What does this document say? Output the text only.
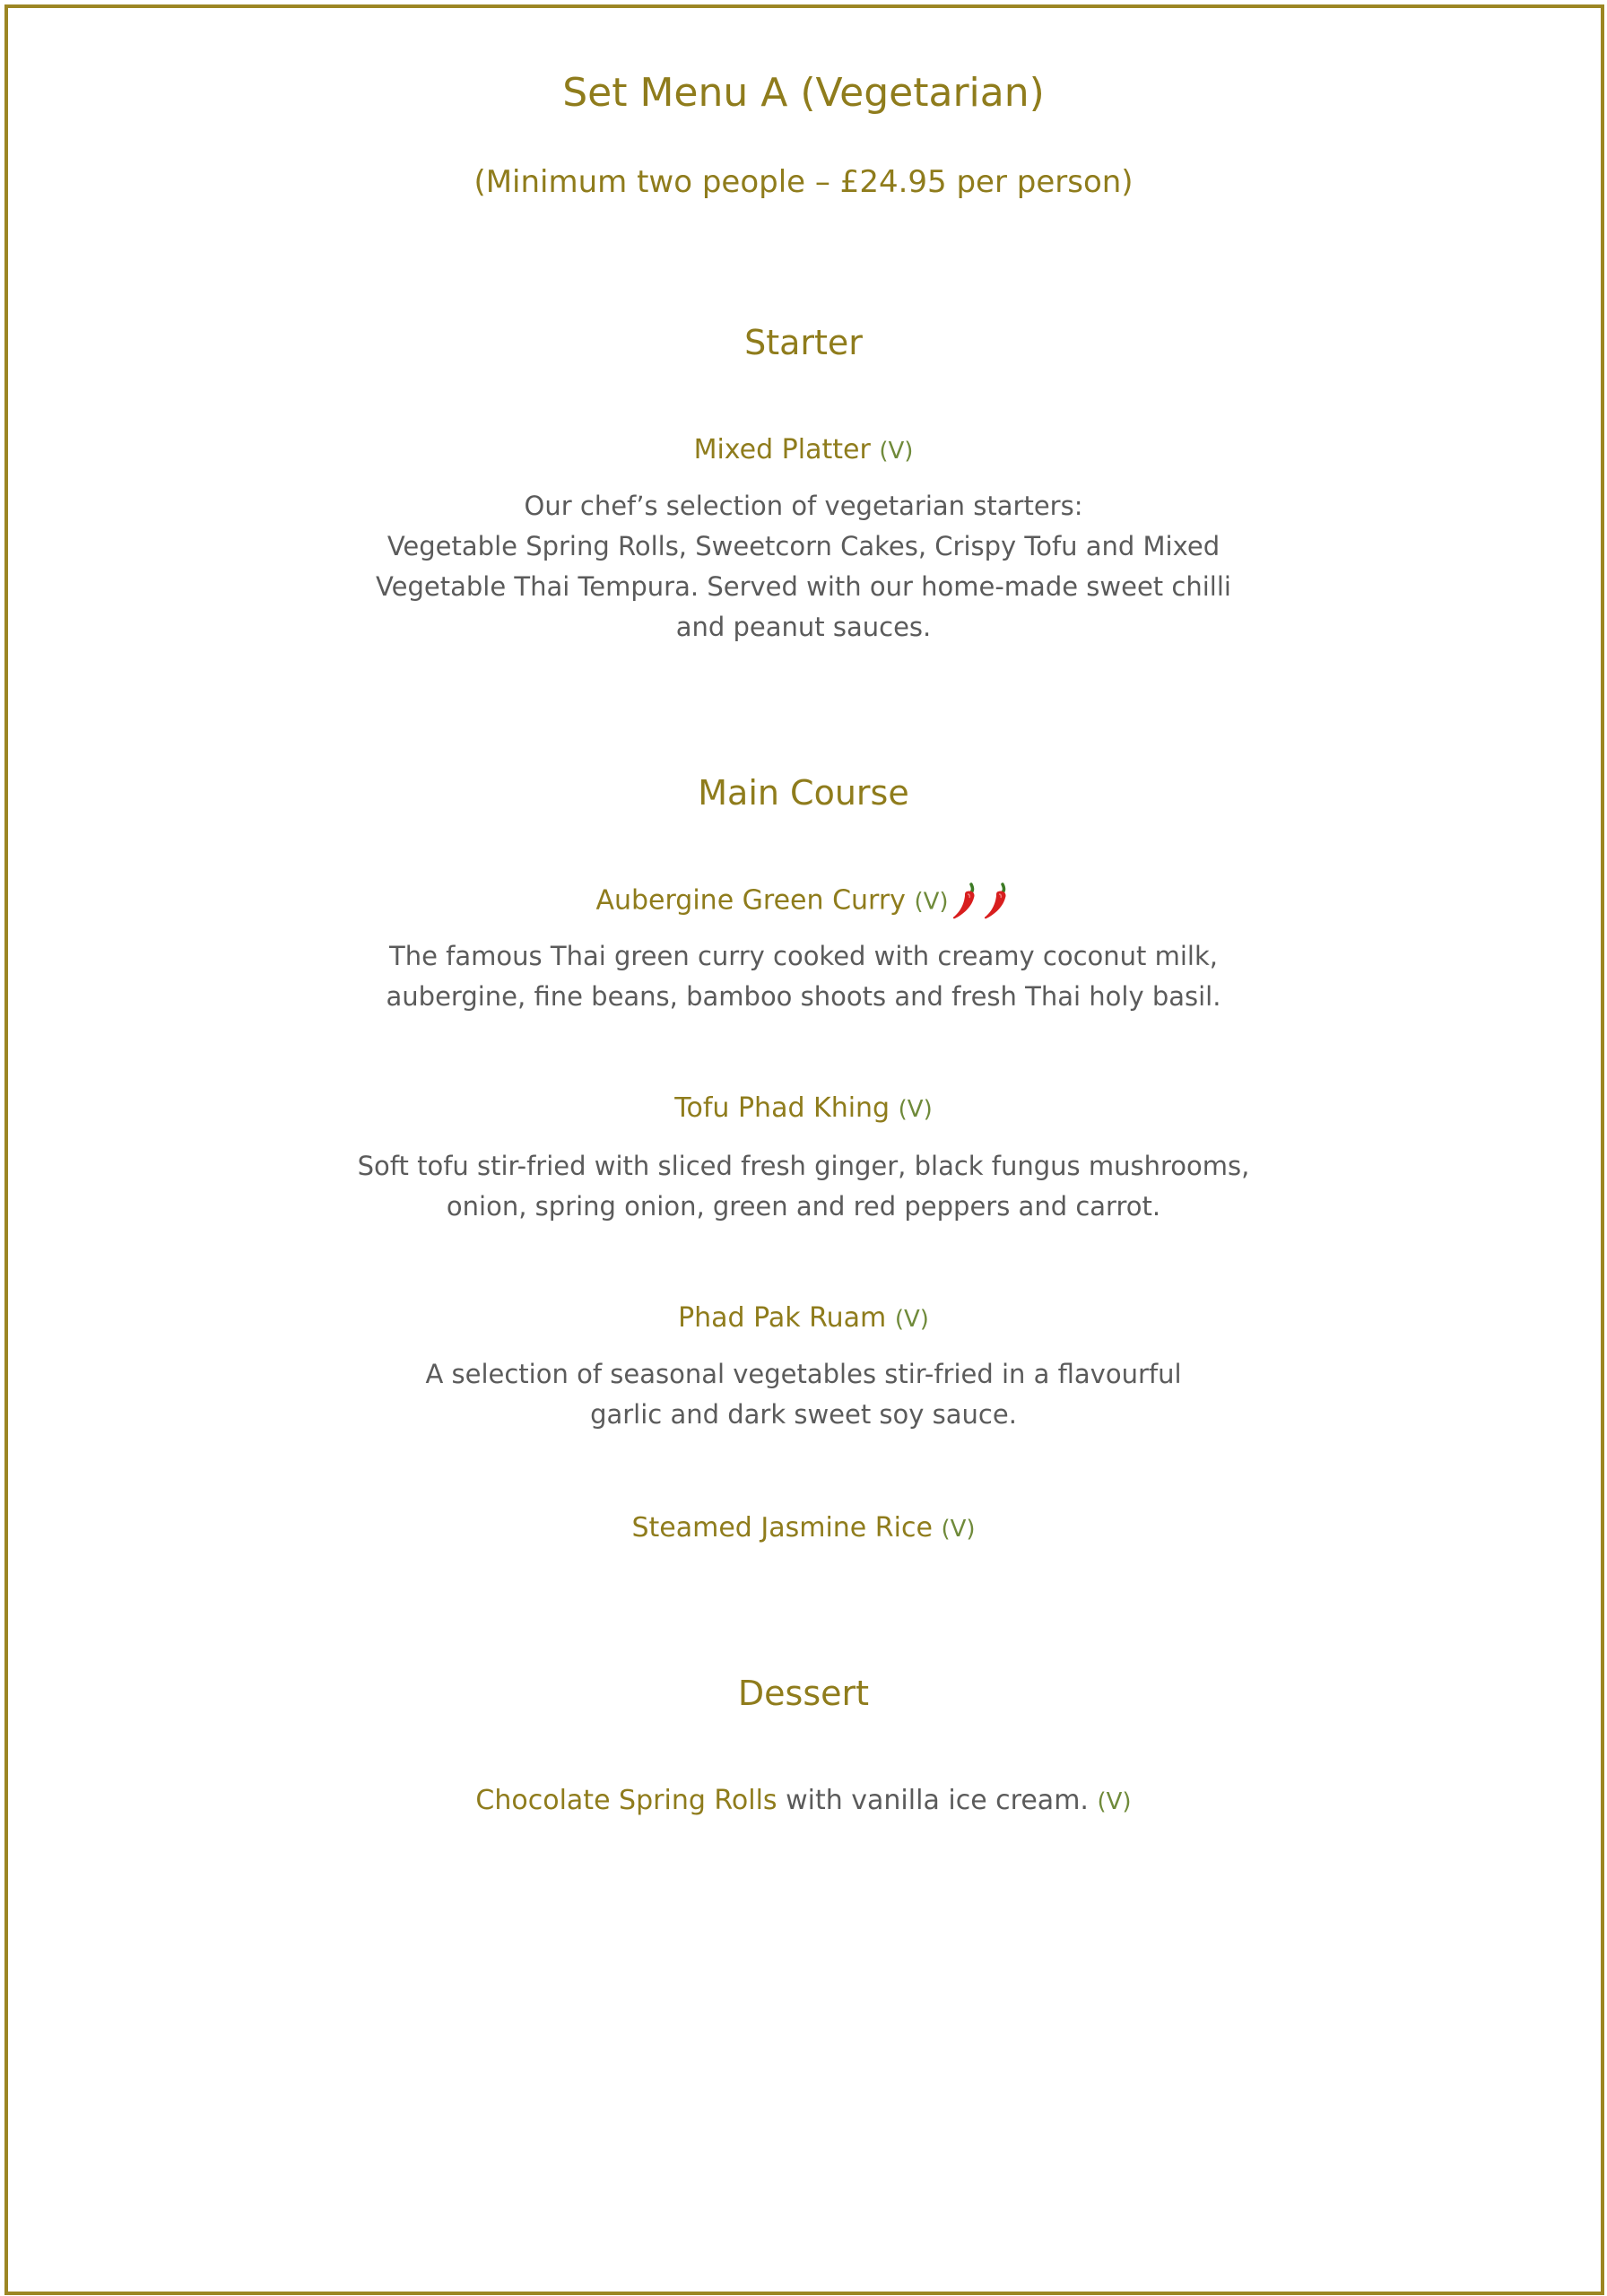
Set Menu A (Vegetarian)
(Minimum two people – £24.95 per person)
Starter
Mixed Platter (V)
Our chef’s selection of vegetarian starters:
Vegetable Spring Rolls, Sweetcorn Cakes, Crispy Tofu and Mixed
Vegetable Thai Tempura. Served with our home-made sweet chilli
and peanut sauces.
Main Course
Aubergine Green Curry (V)
The famous Thai green curry cooked with creamy coconut milk,
aubergine, fine beans, bamboo shoots and fresh Thai holy basil.
Tofu Phad Khing (V)
Soft tofu stir-fried with sliced fresh ginger, black fungus mushrooms,
onion, spring onion, green and red peppers and carrot.
Phad Pak Ruam (V)
A selection of seasonal vegetables stir-fried in a flavourful
garlic and dark sweet soy sauce.
Steamed Jasmine Rice (V)
Dessert
Chocolate Spring Rolls with vanilla ice cream. (V)
